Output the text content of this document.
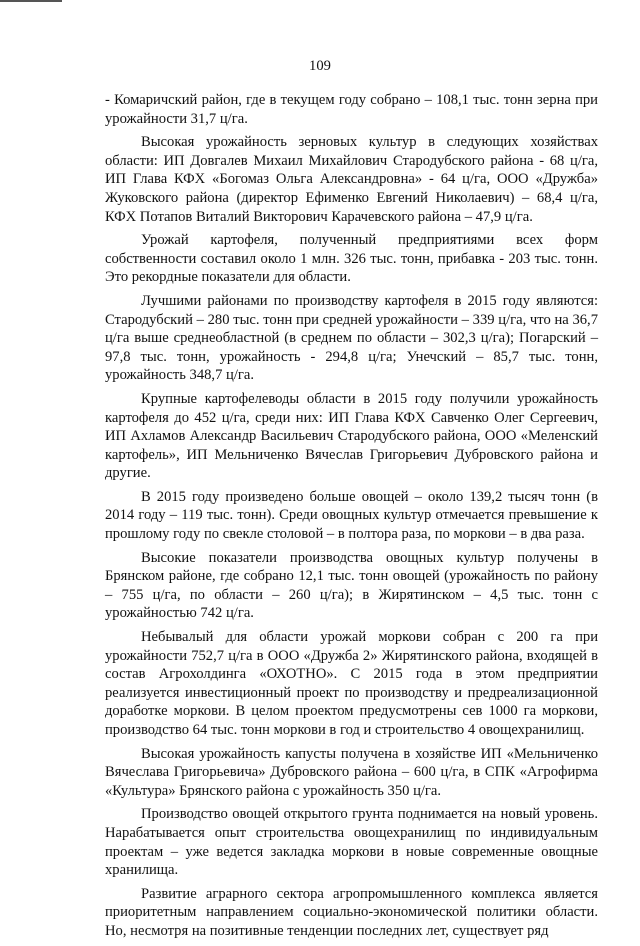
109

- Комаричский район, где в текущем году собрано – 108,1 тыс. тонн зерна при урожайности 31,7 ц/га.

Высокая урожайность зерновых культур в следующих хозяйствах области: ИП Довгалев Михаил Михайлович Стародубского района - 68 ц/га, ИП Глава КФХ «Богомаз Ольга Александровна» - 64 ц/га, ООО «Дружба» Жуковского района (директор Ефименко Евгений Николаевич) – 68,4 ц/га, КФХ Потапов Виталий Викторович Карачевского района – 47,9 ц/га.

Урожай картофеля, полученный предприятиями всех форм собственности составил около 1 млн. 326 тыс. тонн, прибавка - 203 тыс. тонн. Это рекордные показатели для области.

Лучшими районами по производству картофеля в 2015 году являются: Стародубский – 280 тыс. тонн при средней урожайности – 339 ц/га, что на 36,7 ц/га выше среднеобластной (в среднем по области – 302,3 ц/га); Погарский – 97,8 тыс. тонн, урожайность - 294,8 ц/га; Унечский – 85,7 тыс. тонн, урожайность 348,7 ц/га.

Крупные картофелеводы области в 2015 году получили урожайность картофеля до 452 ц/га, среди них: ИП Глава КФХ Савченко Олег Сергеевич, ИП Ахламов Александр Васильевич Стародубского района, ООО «Меленский картофель», ИП Мельниченко Вячеслав Григорьевич Дубровского района и другие.

В 2015 году произведено больше овощей – около 139,2 тысяч тонн (в 2014 году – 119 тыс. тонн). Среди овощных культур отмечается превышение к прошлому году по свекле столовой – в полтора раза, по моркови – в два раза.

Высокие показатели производства овощных культур получены в Брянском районе, где собрано 12,1 тыс. тонн овощей (урожайность по району – 755 ц/га, по области – 260 ц/га); в Жирятинском – 4,5 тыс. тонн с урожайностью 742 ц/га.

Небывалый для области урожай моркови собран с 200 га при урожайности 752,7 ц/га в ООО «Дружба 2» Жирятинского района, входящей в состав Агрохолдинга «ОХОТНО». С 2015 года в этом предприятии реализуется инвестиционный проект по производству и предреализационной доработке моркови. В целом проектом предусмотрены сев 1000 га моркови, производство 64 тыс. тонн моркови в год и строительство 4 овощехранилищ.

Высокая урожайность капусты получена в хозяйстве ИП «Мельниченко Вячеслава Григорьевича» Дубровского района – 600 ц/га, в СПК «Агрофирма «Культура» Брянского района с урожайность 350 ц/га.

Производство овощей открытого грунта поднимается на новый уровень. Нарабатывается опыт строительства овощехранилищ по индивидуальным проектам – уже ведется закладка моркови в новые современные овощные хранилища.

Развитие аграрного сектора агропромышленного комплекса является приоритетным направлением социально-экономической политики области. Но, несмотря на позитивные тенденции последних лет, существует ряд
